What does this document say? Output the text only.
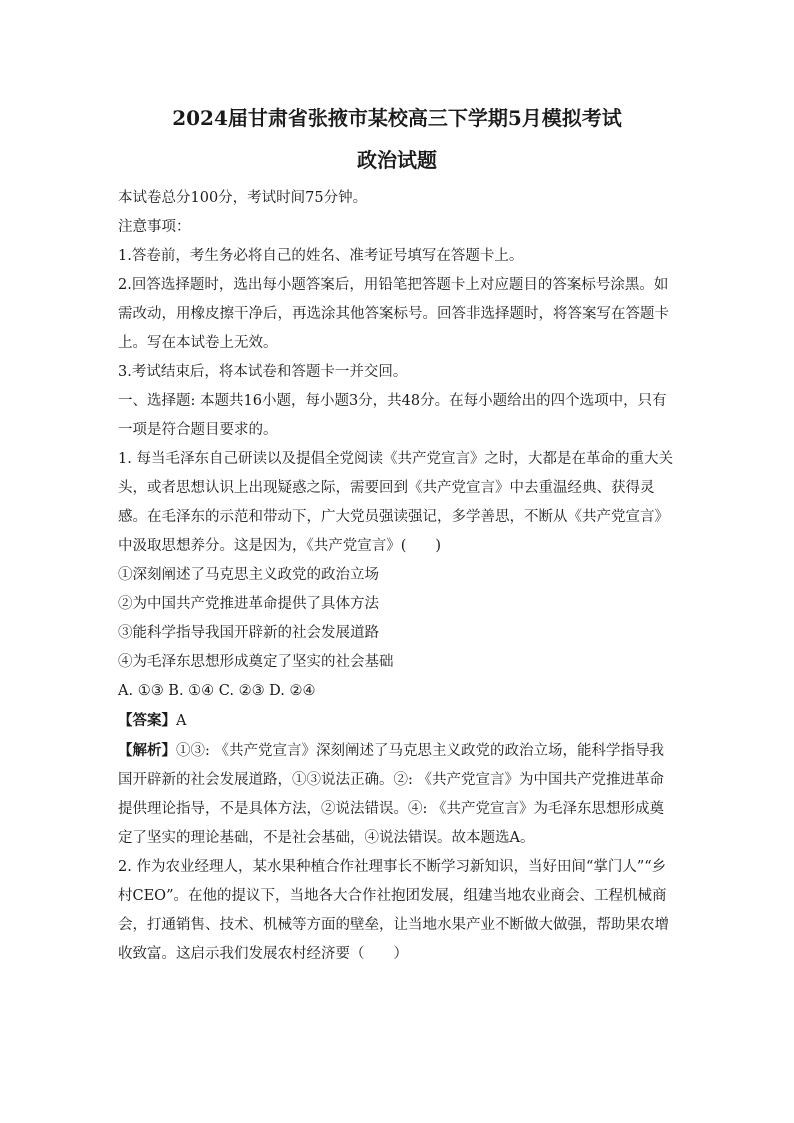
2024届甘肃省张掖市某校高三下学期5月模拟考试
政治试题

本试卷总分100分，考试时间75分钟。

注意事项：

1.答卷前，考生务必将自己的姓名、准考证号填写在答题卡上。

2.回答选择题时，选出每小题答案后，用铅笔把答题卡上对应题目的答案标号涂黑。如需改动，用橡皮擦干净后，再选涂其他答案标号。回答非选择题时，将答案写在答题卡上。写在本试卷上无效。

3.考试结束后，将本试卷和答题卡一并交回。

一、选择题: 本题共16小题，每小题3分，共48分。在每小题给出的四个选项中，只有一项是符合题目要求的。

1. 每当毛泽东自己研读以及提倡全党阅读《共产党宣言》之时，大都是在革命的重大关头，或者思想认识上出现疑惑之际，需要回到《共产党宣言》中去重温经典、获得灵感。在毛泽东的示范和带动下，广大党员强读强记，多学善思，不断从《共产党宣言》中汲取思想养分。这是因为，《共产党宣言》(　　)

①深刻阐述了马克思主义政党的政治立场

②为中国共产党推进革命提供了具体方法

③能科学指导我国开辟新的社会发展道路

④为毛泽东思想形成奠定了坚实的社会基础

A. ①③ B. ①④ C. ②③ D. ②④

【答案】A

【解析】①③: 《共产党宣言》深刻阐述了马克思主义政党的政治立场，能科学指导我国开辟新的社会发展道路，①③说法正确。②: 《共产党宣言》为中国共产党推进革命提供理论指导，不是具体方法，②说法错误。④: 《共产党宣言》为毛泽东思想形成奠定了坚实的理论基础，不是社会基础，④说法错误。故本题选A。

2. 作为农业经理人，某水果种植合作社理事长不断学习新知识，当好田间“掌门人”“乡村CEO”。在他的提议下，当地各大合作社抱团发展，组建当地农业商会、工程机械商会，打通销售、技术、机械等方面的壁垒，让当地水果产业不断做大做强，帮助果农增收致富。这启示我们发展农村经济要（　　）
